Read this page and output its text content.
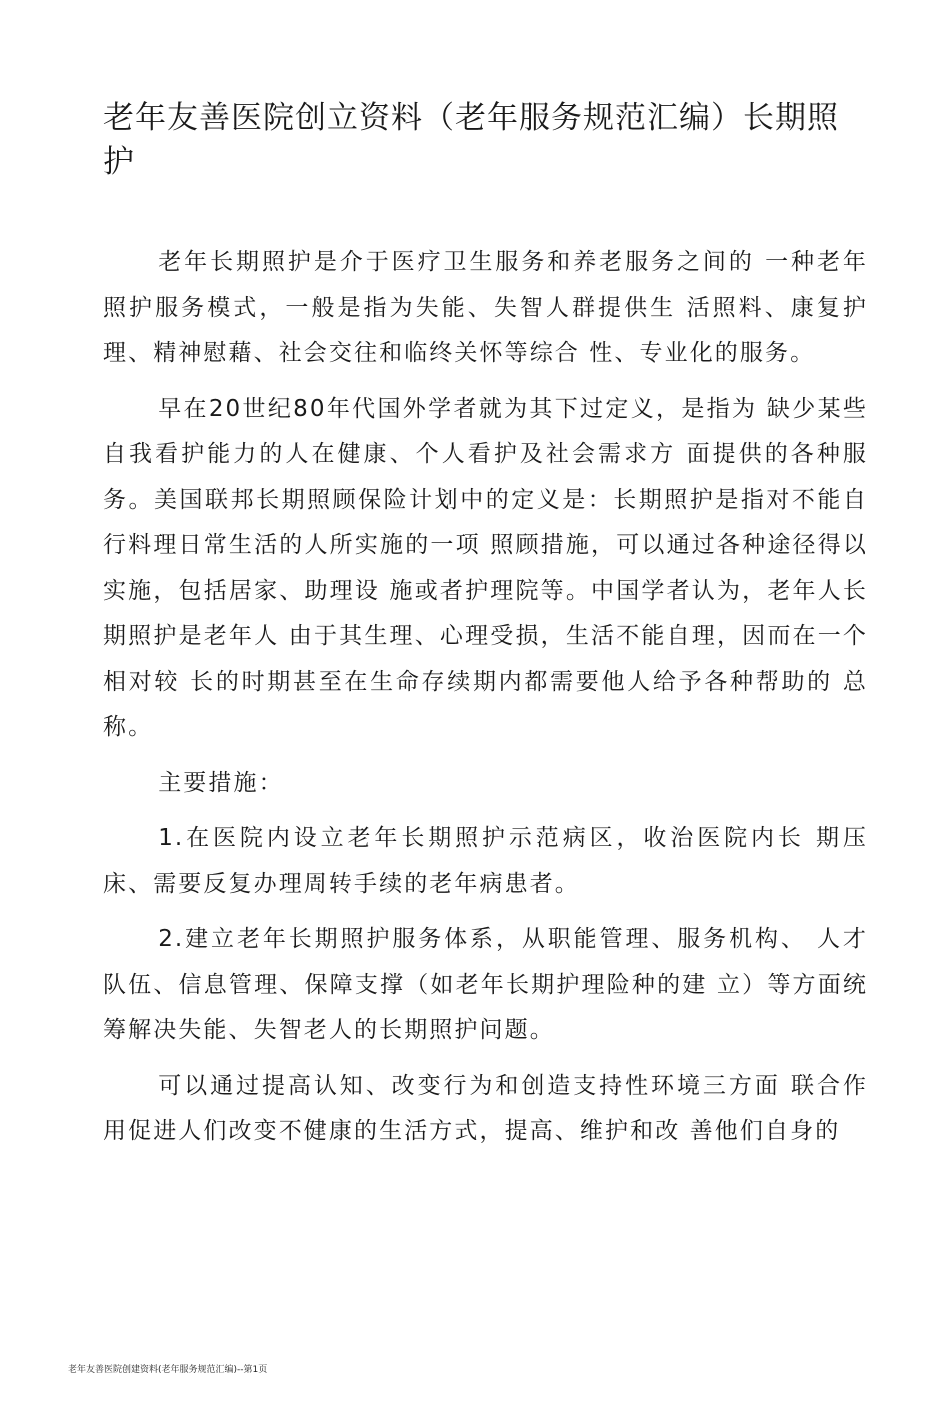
老年友善医院创立资料（老年服务规范汇编）长期照护

老年长期照护是介于医疗卫生服务和养老服务之间的 一种老年照护服务模式，一般是指为失能、失智人群提供生 活照料、康复护理、精神慰藉、社会交往和临终关怀等综合 性、专业化的服务。

早在20世纪80年代国外学者就为其下过定义，是指为 缺少某些自我看护能力的人在健康、个人看护及社会需求方 面提供的各种服务。美国联邦长期照顾保险计划中的定义是：长期照护是指对不能自行料理日常生活的人所实施的一项 照顾措施，可以通过各种途径得以实施，包括居家、助理设 施或者护理院等。中国学者认为，老年人长期照护是老年人 由于其生理、心理受损，生活不能自理，因而在一个相对较 长的时期甚至在生命存续期内都需要他人给予各种帮助的 总称。

主要措施：

1.在医院内设立老年长期照护示范病区，收治医院内长 期压床、需要反复办理周转手续的老年病患者。

2.建立老年长期照护服务体系，从职能管理、服务机构、 人才队伍、信息管理、保障支撑（如老年长期护理险种的建 立）等方面统筹解决失能、失智老人的长期照护问题。

可以通过提高认知、改变行为和创造支持性环境三方面 联合作用促进人们改变不健康的生活方式，提高、维护和改 善他们自身的

老年友善医院创建资料(老年服务规范汇编)--第1页
